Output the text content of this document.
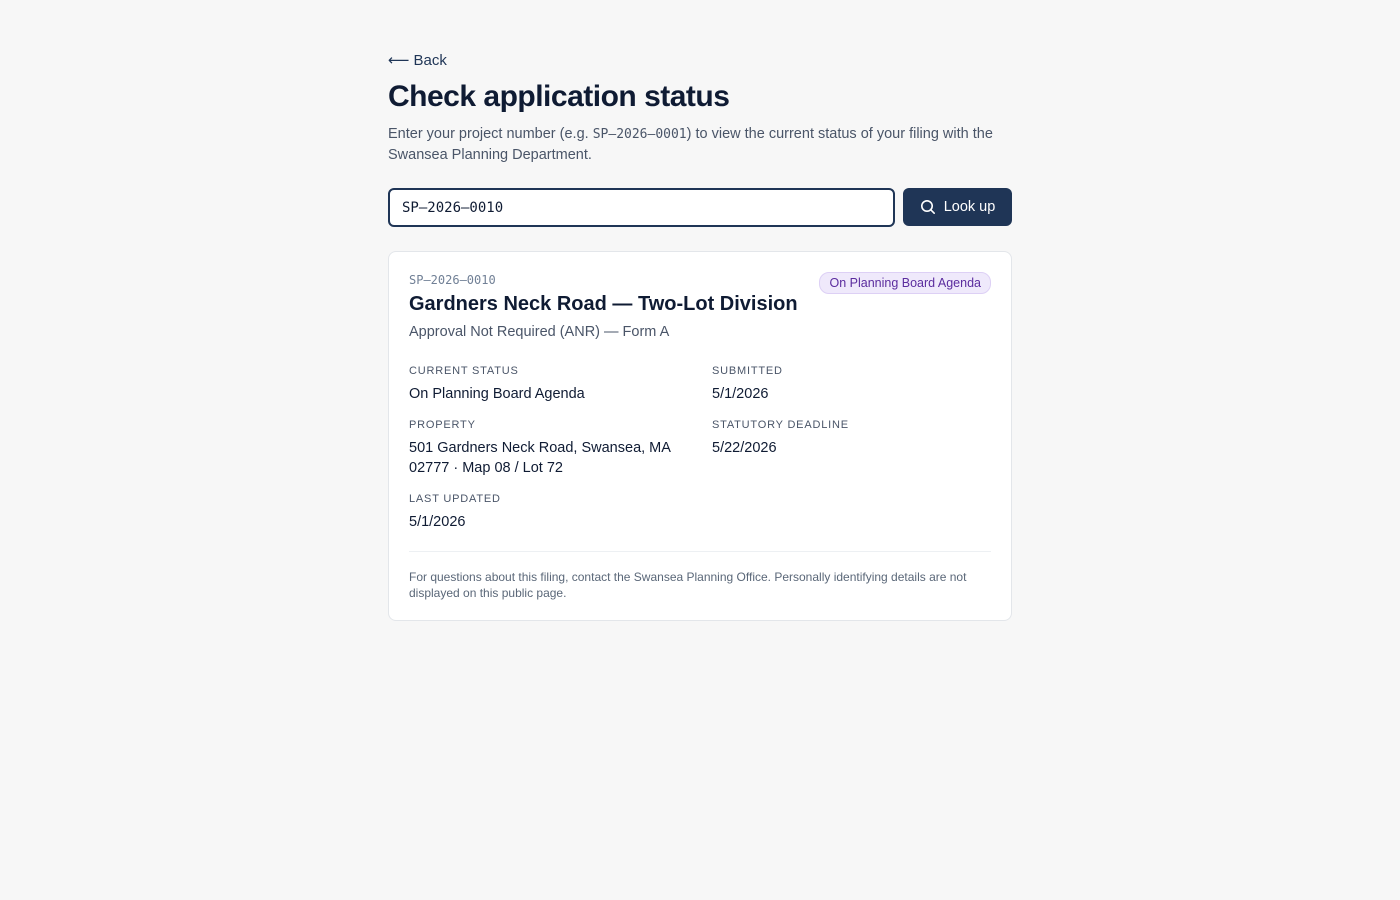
⟵ Back
Check application status

Enter your project number (e.g. SP–2026–0001) to view the current status of your filing with the Swansea Planning Department.

SP–2026–0010
Look up
SP–2026–0010	On Planning Board Agenda
Gardners Neck Road — Two-Lot Division
Approval Not Required (ANR) — Form A
CURRENT STATUS
On Planning Board Agenda
SUBMITTED
5/1/2026
PROPERTY
501 Gardners Neck Road, Swansea, MA 02777 · Map 08 / Lot 72
STATUTORY DEADLINE
5/22/2026
LAST UPDATED
5/1/2026

For questions about this filing, contact the Swansea Planning Office. Personally identifying details are not displayed on this public page.
